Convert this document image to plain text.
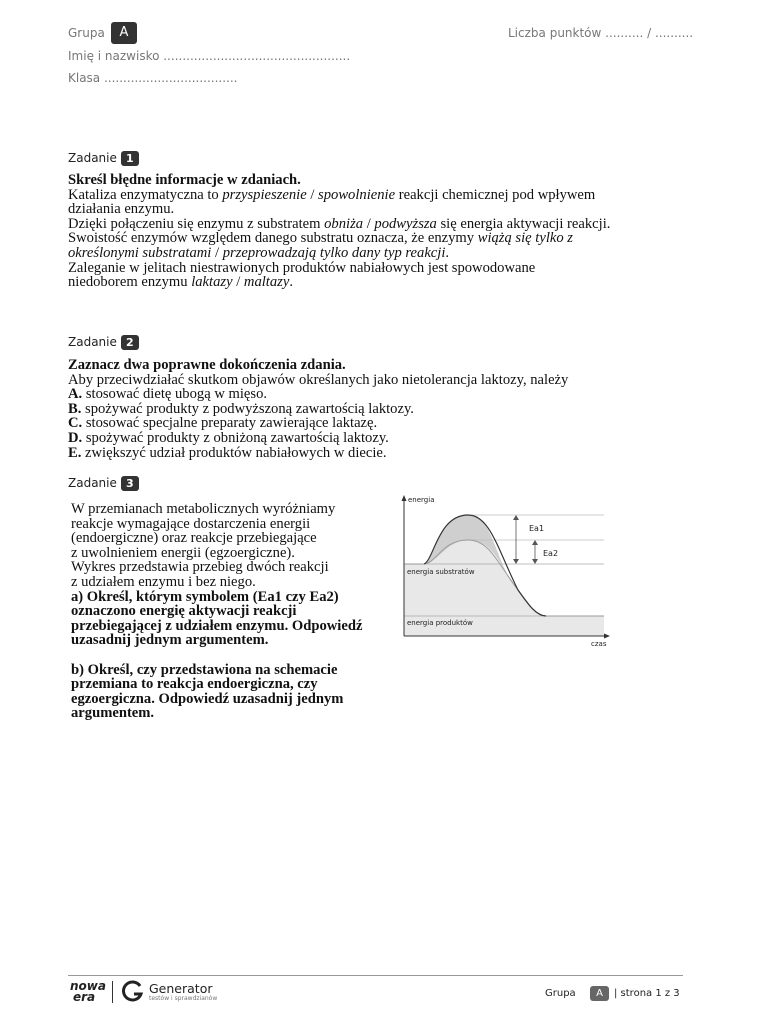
Grupa	A
Imię i nazwisko .................................................
Klasa ...................................
Liczba punktów .......... / ..........
Zadanie 1

Skreśl błędne informacje w zdaniach.

Kataliza enzymatyczna to przyspieszenie / spowolnienie reakcji chemicznej pod wpływem działania enzymu.

Dzięki połączeniu się enzymu z substratem obniża / podwyższa się energia aktywacji reakcji.

Swoistość enzymów względem danego substratu oznacza, że enzymy wiążą się tylko z określonymi substratami / przeprowadzają tylko dany typ reakcji.

Zaleganie w jelitach niestrawionych produktów nabiałowych jest spowodowane niedoborem enzymu laktazy / maltazy.

Zadanie 2

Zaznacz dwa poprawne dokończenia zdania.

Aby przeciwdziałać skutkom objawów określanych jako nietolerancja laktozy, należy

A. stosować dietę ubogą w mięso.

B. spożywać produkty z podwyższoną zawartością laktozy.

C. stosować specjalne preparaty zawierające laktazę.

D. spożywać produkty z obniżoną zawartością laktozy.

E. zwiększyć udział produktów nabiałowych w diecie.

Zadanie 3

W przemianach metabolicznych wyróżniamy

reakcje wymagające dostarczenia energii

(endoergiczne) oraz reakcje przebiegające

z uwolnieniem energii (egzoergiczne).

Wykres przedstawia przebieg dwóch reakcji

z udziałem enzymu i bez niego.

a) Określ, którym symbolem (Ea1 czy Ea2)

oznaczono energię aktywacji reakcji

przebiegającej z udziałem enzymu. Odpowiedź

uzasadnij jednym argumentem.

b) Określ, czy przedstawiona na schemacie

przemiana to reakcja endoergiczna, czy

egzoergiczna. Odpowiedź uzasadnij jednym

argumentem.

energia
czas
Ea1
Ea2
energia substratów
energia produktów
nowa
era
Generator
testów i sprawdzianów	Grupa	A	| strona 1 z 3
